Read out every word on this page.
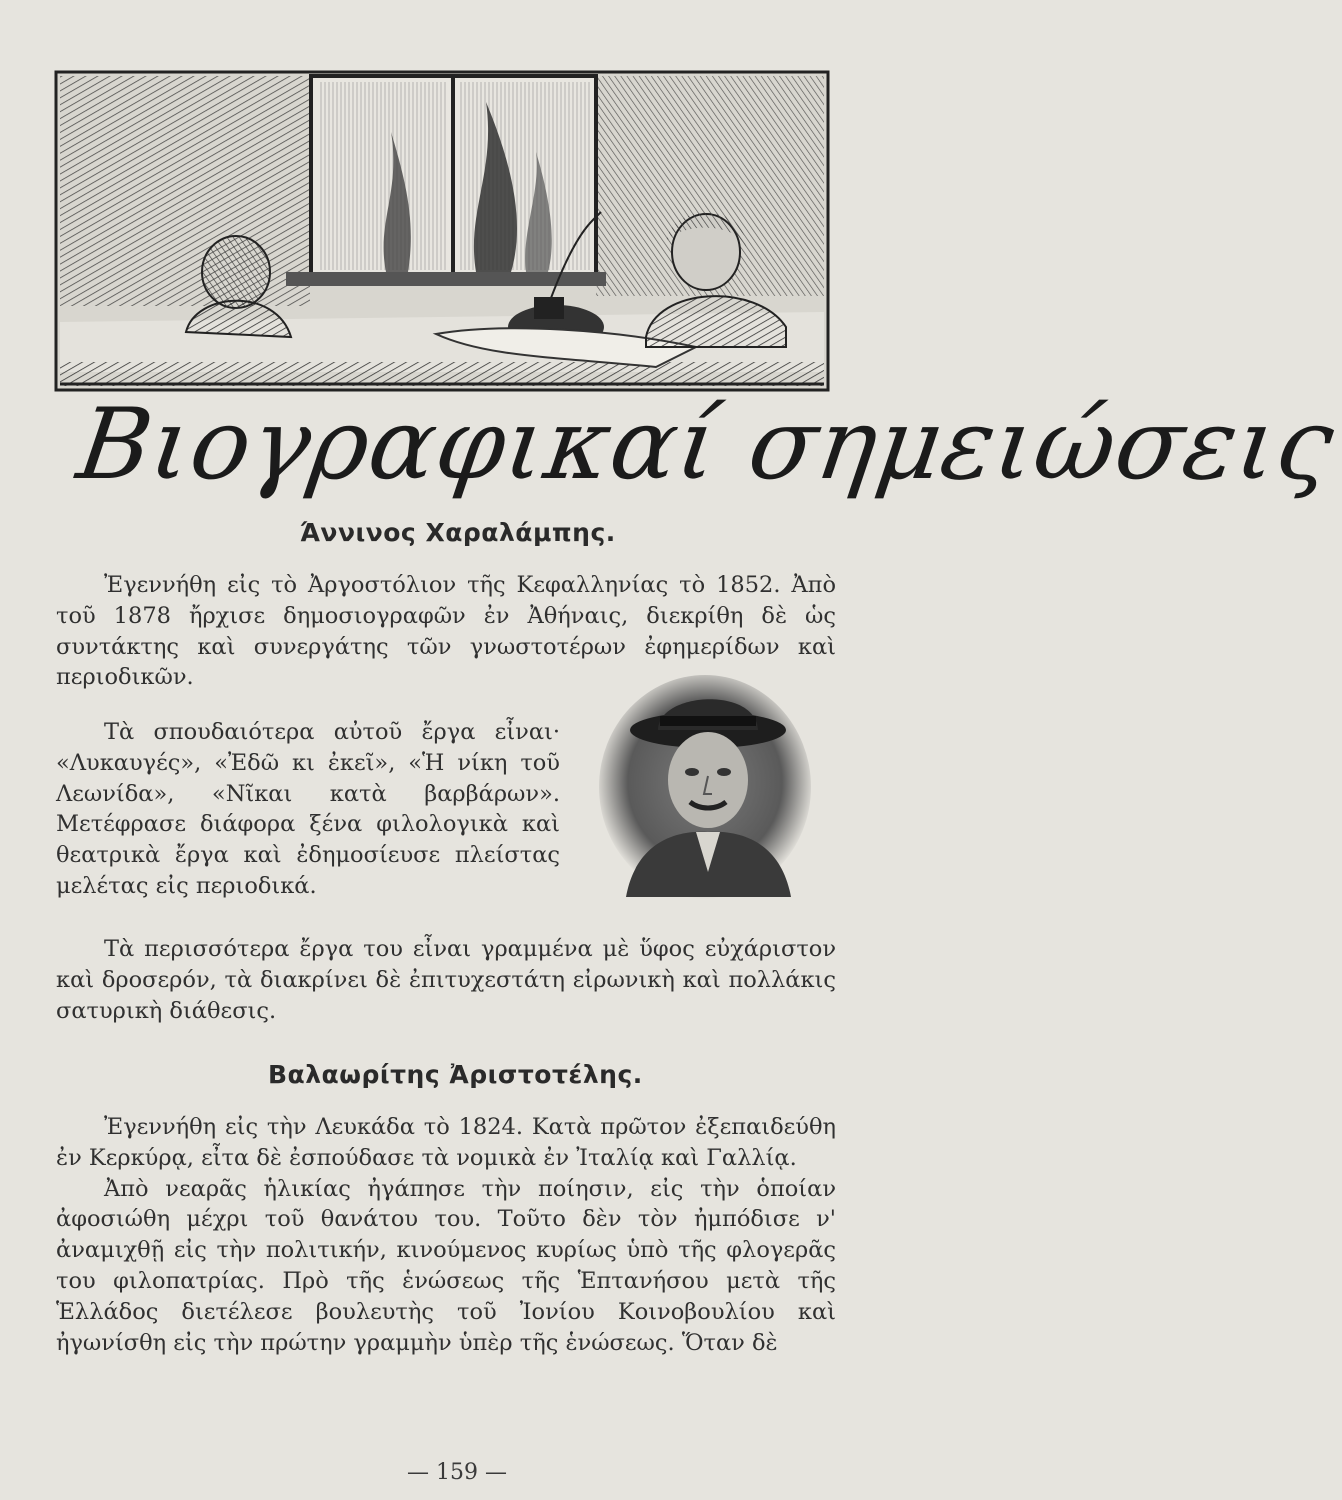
Βιογραφικαί σημειώσεις
Άννινος Χαραλάμπης.

Ἐγεννήθη εἰς τὸ Ἀργοστόλιον τῆς Κεφαλληνίας τὸ 1852. Ἀπὸ τοῦ 1878 ἤρχισε δημοσιογραφῶν ἐν Ἀθήναις, διεκρίθη δὲ ὡς συντάκτης καὶ συνεργάτης τῶν γνωστοτέρων ἐφημερίδων καὶ περιοδικῶν.

Τὰ σπουδαιότερα αὐτοῦ ἔργα εἶναι· «Λυκαυγές», «Ἐδῶ κι ἐκεῖ», «Ἡ νίκη τοῦ Λεωνίδα», «Νῖκαι κατὰ βαρβάρων». Μετέφρασε διάφορα ξένα φιλολογικὰ καὶ θεατρικὰ ἔργα καὶ ἐδημοσίευσε πλείστας μελέτας εἰς περιοδικά.

Τὰ περισσότερα ἔργα του εἶναι γραμμένα μὲ ὕφος εὐχάριστον καὶ δροσερόν, τὰ διακρίνει δὲ ἐπιτυχεστάτη εἰρωνικὴ καὶ πολλάκις σατυρικὴ διάθεσις.

Βαλαωρίτης Ἀριστοτέλης.

Ἐγεννήθη εἰς τὴν Λευκάδα τὸ 1824. Κατὰ πρῶτον ἐξεπαιδεύθη ἐν Κερκύρᾳ, εἶτα δὲ ἐσπούδασε τὰ νομικὰ ἐν Ἰταλίᾳ καὶ Γαλλίᾳ.

Ἀπὸ νεαρᾶς ἡλικίας ἠγάπησε τὴν ποίησιν, εἰς τὴν ὁποίαν ἀφοσιώθη μέχρι τοῦ θανάτου του. Τοῦτο δὲν τὸν ἠμπόδισε ν' ἀναμιχθῇ εἰς τὴν πολιτικήν, κινούμενος κυρίως ὑπὸ τῆς φλογερᾶς του φιλοπατρίας. Πρὸ τῆς ἑνώσεως τῆς Ἑπτανήσου μετὰ τῆς Ἑλλάδος διετέλεσε βουλευτὴς τοῦ Ἰονίου Κοινοβουλίου καὶ ἠγωνίσθη εἰς τὴν πρώτην γραμμὴν ὑπὲρ τῆς ἑνώσεως. Ὅταν δὲ

— 159 —
